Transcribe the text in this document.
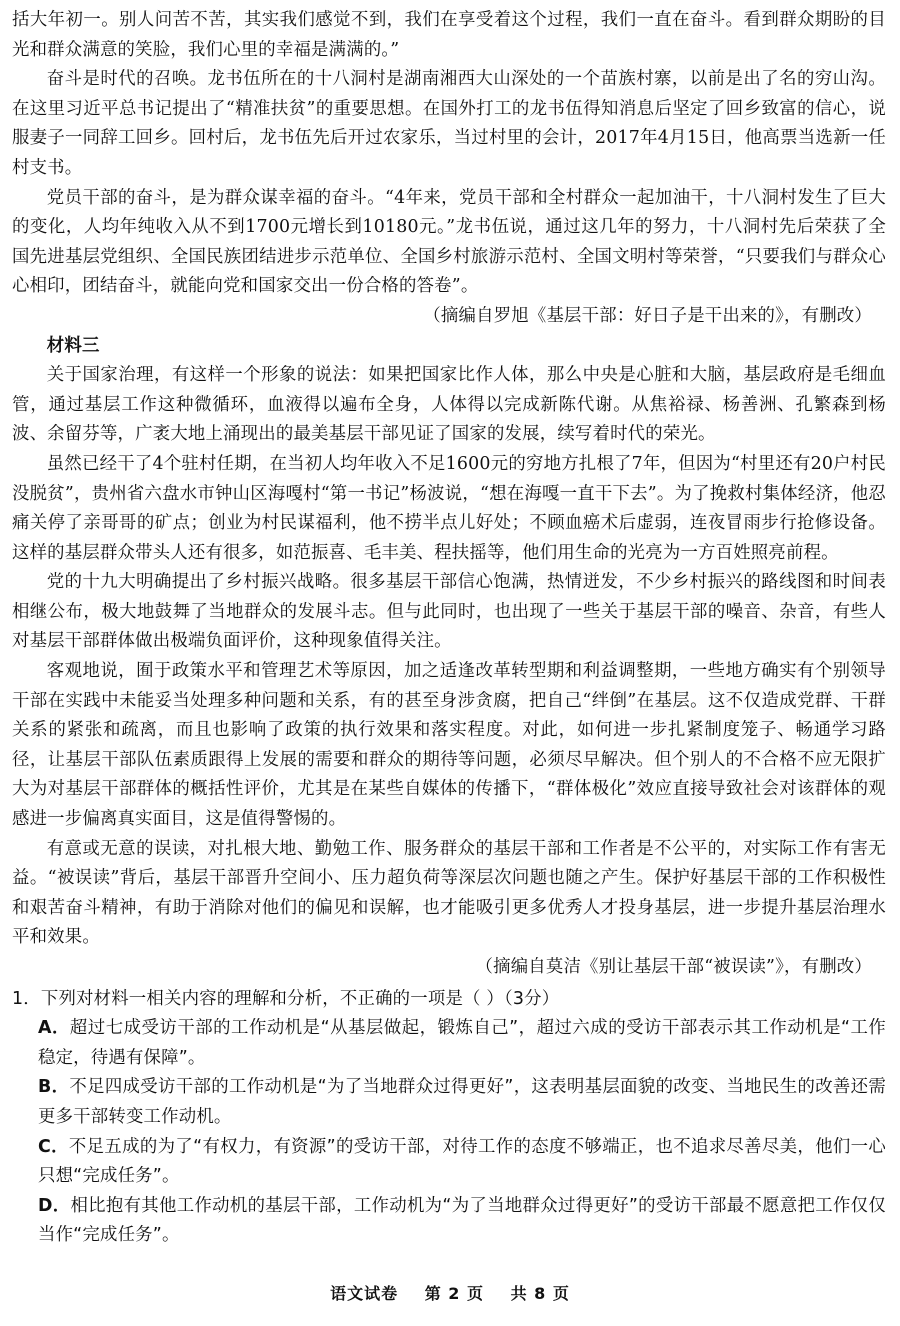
括大年初一。别人问苦不苦，其实我们感觉不到，我们在享受着这个过程，我们一直在奋斗。看到群众期盼的目光和群众满意的笑脸，我们心里的幸福是满满的。”

奋斗是时代的召唤。龙书伍所在的十八洞村是湖南湘西大山深处的一个苗族村寨，以前是出了名的穷山沟。在这里习近平总书记提出了“精准扶贫”的重要思想。在国外打工的龙书伍得知消息后坚定了回乡致富的信心，说服妻子一同辞工回乡。回村后，龙书伍先后开过农家乐，当过村里的会计，2017年4月15日，他高票当选新一任村支书。

党员干部的奋斗，是为群众谋幸福的奋斗。“4年来，党员干部和全村群众一起加油干，十八洞村发生了巨大的变化，人均年纯收入从不到1700元增长到10180元。”龙书伍说，通过这几年的努力，十八洞村先后荣获了全国先进基层党组织、全国民族团结进步示范单位、全国乡村旅游示范村、全国文明村等荣誉，“只要我们与群众心心相印，团结奋斗，就能向党和国家交出一份合格的答卷”。

（摘编自罗旭《基层干部：好日子是干出来的》，有删改）

材料三

关于国家治理，有这样一个形象的说法：如果把国家比作人体，那么中央是心脏和大脑，基层政府是毛细血管，通过基层工作这种微循环，血液得以遍布全身，人体得以完成新陈代谢。从焦裕禄、杨善洲、孔繁森到杨波、余留芬等，广袤大地上涌现出的最美基层干部见证了国家的发展，续写着时代的荣光。

虽然已经干了4个驻村任期，在当初人均年收入不足1600元的穷地方扎根了7年，但因为“村里还有20户村民没脱贫”，贵州省六盘水市钟山区海嘎村“第一书记”杨波说，“想在海嘎一直干下去”。为了挽救村集体经济，他忍痛关停了亲哥哥的矿点；创业为村民谋福利，他不捞半点儿好处；不顾血癌术后虚弱，连夜冒雨步行抢修设备。这样的基层群众带头人还有很多，如范振喜、毛丰美、程扶摇等，他们用生命的光亮为一方百姓照亮前程。

党的十九大明确提出了乡村振兴战略。很多基层干部信心饱满，热情迸发，不少乡村振兴的路线图和时间表相继公布，极大地鼓舞了当地群众的发展斗志。但与此同时，也出现了一些关于基层干部的噪音、杂音，有些人对基层干部群体做出极端负面评价，这种现象值得关注。

客观地说，囿于政策水平和管理艺术等原因，加之适逢改革转型期和利益调整期，一些地方确实有个别领导干部在实践中未能妥当处理多种问题和关系，有的甚至身涉贪腐，把自己“绊倒”在基层。这不仅造成党群、干群关系的紧张和疏离，而且也影响了政策的执行效果和落实程度。对此，如何进一步扎紧制度笼子、畅通学习路径，让基层干部队伍素质跟得上发展的需要和群众的期待等问题，必须尽早解决。但个别人的不合格不应无限扩大为对基层干部群体的概括性评价，尤其是在某些自媒体的传播下，“群体极化”效应直接导致社会对该群体的观感进一步偏离真实面目，这是值得警惕的。

有意或无意的误读，对扎根大地、勤勉工作、服务群众的基层干部和工作者是不公平的，对实际工作有害无益。“被误读”背后，基层干部晋升空间小、压力超负荷等深层次问题也随之产生。保护好基层干部的工作积极性和艰苦奋斗精神，有助于消除对他们的偏见和误解，也才能吸引更多优秀人才投身基层，进一步提升基层治理水平和效果。

（摘编自莫洁《别让基层干部“被误读”》，有删改）

1．下列对材料一相关内容的理解和分析，不正确的一项是（ ）（3分）

A．超过七成受访干部的工作动机是“从基层做起，锻炼自己”，超过六成的受访干部表示其工作动机是“工作稳定，待遇有保障”。

B．不足四成受访干部的工作动机是“为了当地群众过得更好”，这表明基层面貌的改变、当地民生的改善还需更多干部转变工作动机。

C．不足五成的为了“有权力，有资源”的受访干部，对待工作的态度不够端正，也不追求尽善尽美，他们一心只想“完成任务”。

D．相比抱有其他工作动机的基层干部，工作动机为“为了当地群众过得更好”的受访干部最不愿意把工作仅仅当作“完成任务”。

语文试卷 第 2 页 共 8 页
